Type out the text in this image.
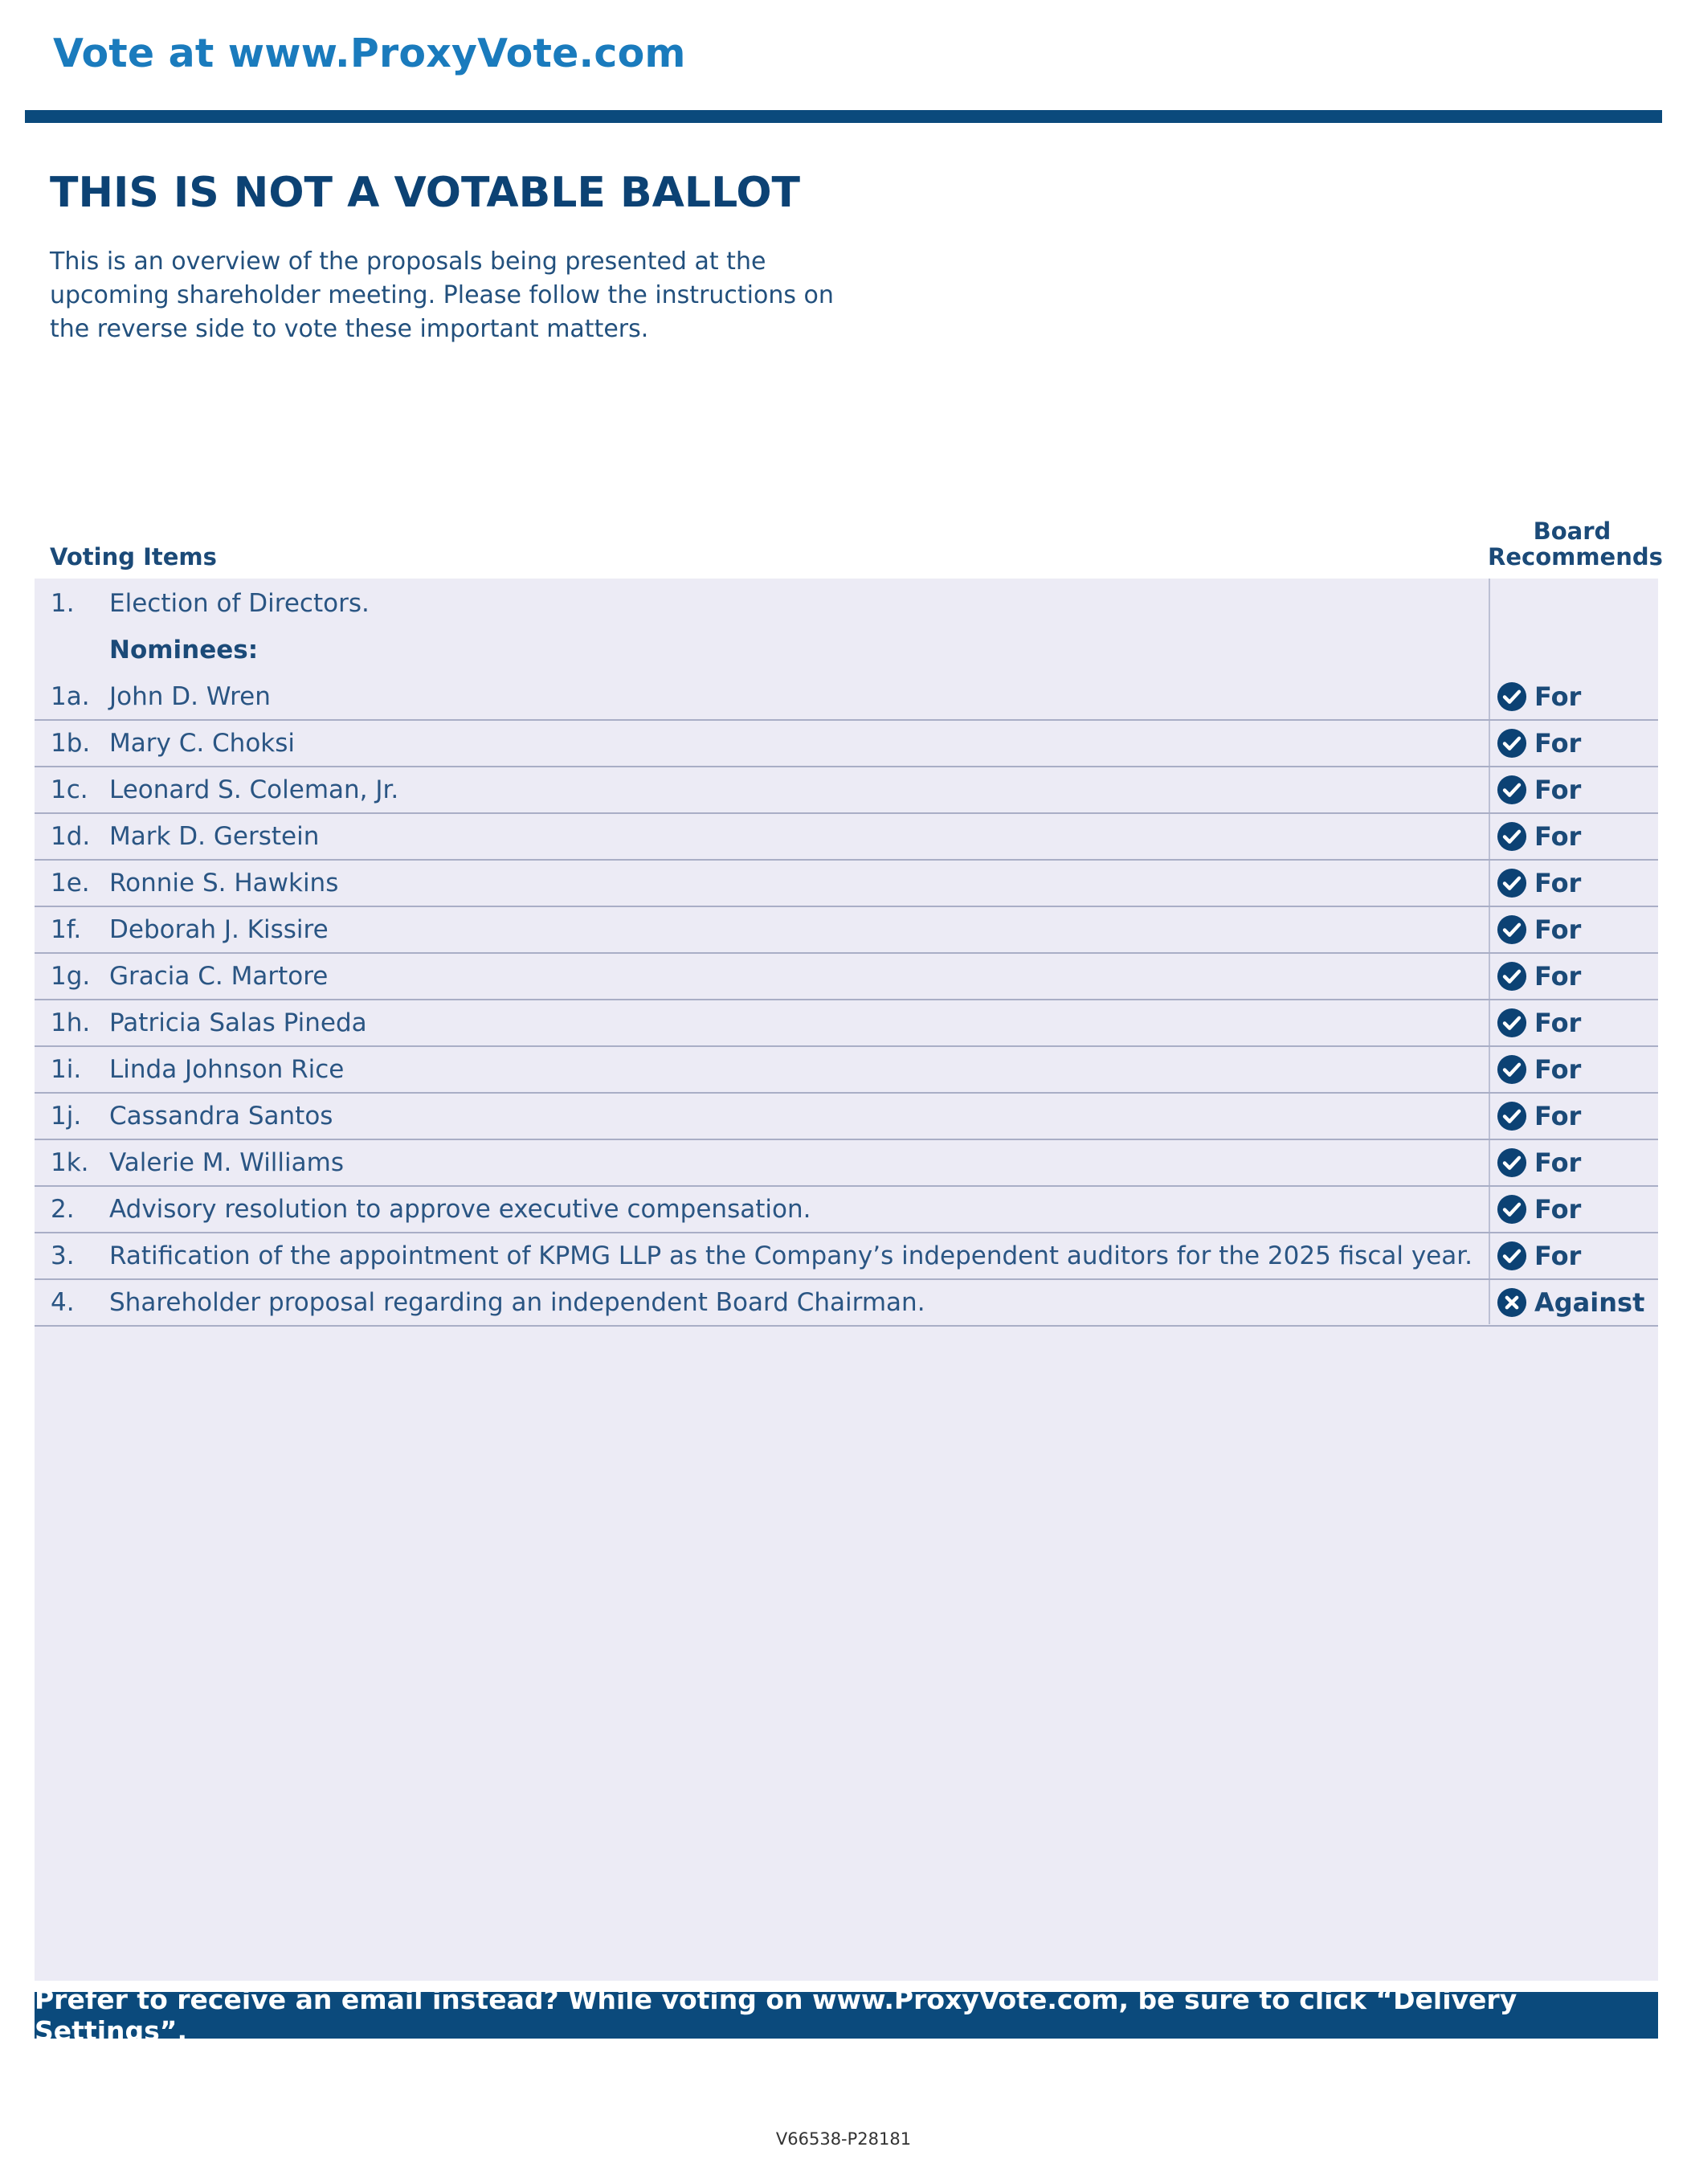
Vote at www.ProxyVote.com
THIS IS NOT A VOTABLE BALLOT
This is an overview of the proposals being presented at the
upcoming shareholder meeting. Please follow the instructions on
the reverse side to vote these important matters.
Voting Items
Board
Recommends
1. Election of Directors.
Nominees:
1a. John D. Wren	For
1b. Mary C. Choksi	For
1c. Leonard S. Coleman, Jr.	For
1d. Mark D. Gerstein	For
1e. Ronnie S. Hawkins	For
1f. Deborah J. Kissire	For
1g. Gracia C. Martore	For
1h. Patricia Salas Pineda	For
1i. Linda Johnson Rice	For
1j. Cassandra Santos	For
1k. Valerie M. Williams	For
2. Advisory resolution to approve executive compensation.	For
3. Ratification of the appointment of KPMG LLP as the Company’s independent auditors for the 2025 fiscal year. For
4. Shareholder proposal regarding an independent Board Chairman.	Against
Prefer to receive an email instead? While voting on www.ProxyVote.com, be sure to click “Delivery Settings”.
V66538-P28181
